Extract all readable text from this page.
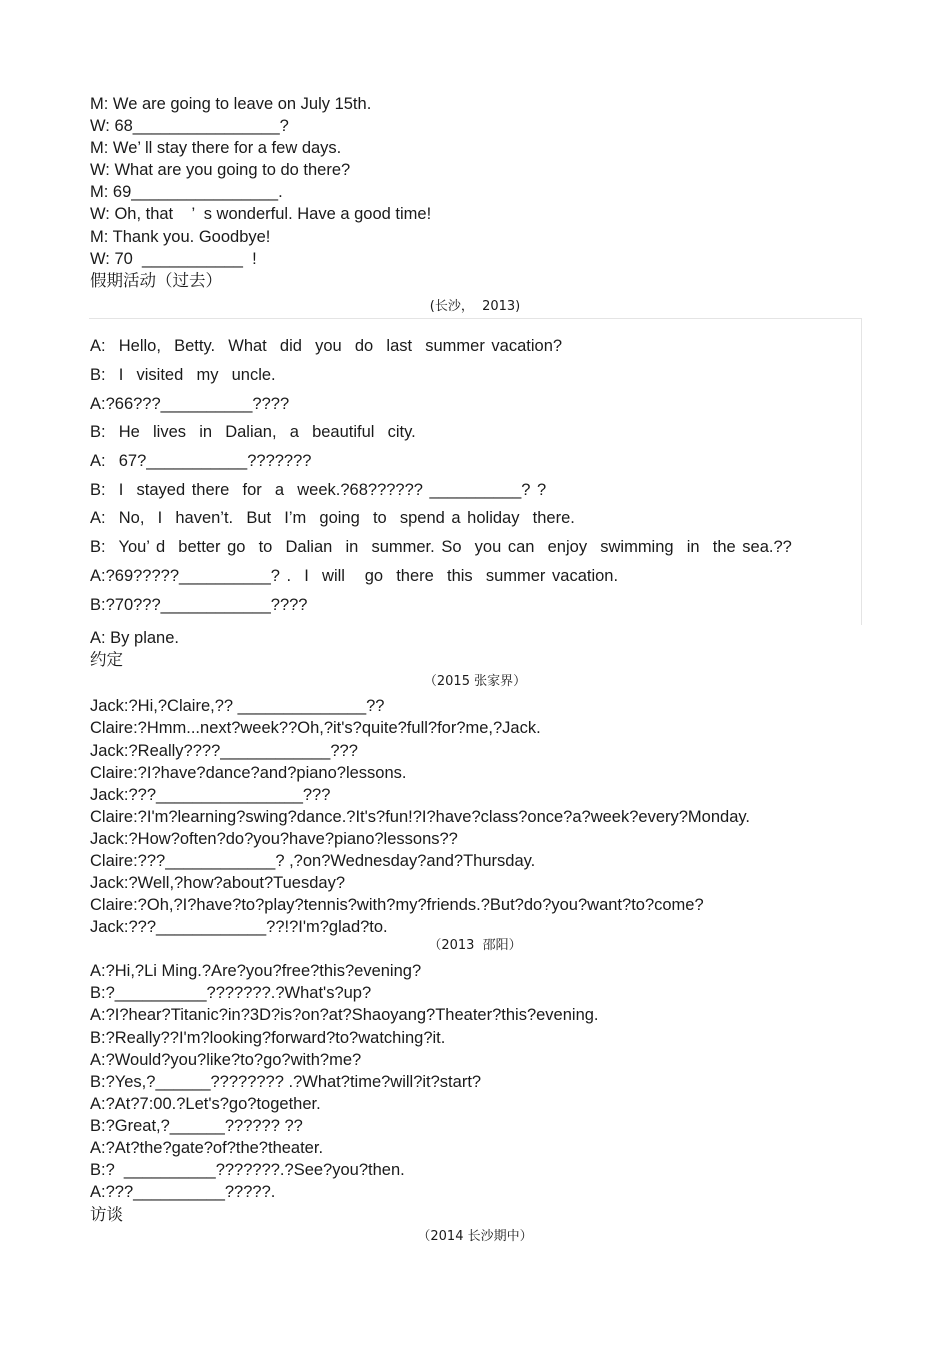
M: We are going to leave on July 15th.
W: 68________________?
M: We’ ll stay there for a few days.
W: What are you going to do there?
M: 69________________.
W: Oh, that    ’  s wonderful. Have a good time!
M: Thank you. Goodbye!
W: 70  ___________  !
假期活动（过去）
(长沙，  2013)
A:  Hello,  Betty.  What  did  you  do  last  summer vacation?
B:  I  visited  my  uncle.
A:?66???__________????
B:  He  lives  in  Dalian,  a  beautiful  city.
A:  67?___________???????
B:  I  stayed there  for  a  week.?68?????? __________? ?
A:  No,  I  haven’t.  But  I’m  going  to  spend a holiday  there.
B:  You’ d  better go  to  Dalian  in  summer. So  you can  enjoy  swimming  in  the sea.??
A:?69?????__________? .  I  will   go  there  this  summer vacation.
B:?70???____________????
A: By plane.
约定
（2015 张家界）
Jack:?Hi,?Claire,?? ______________??
Claire:?Hmm...next?week??Oh,?it's?quite?full?for?me,?Jack.
Jack:?Really????____________???
Claire:?I?have?dance?and?piano?lessons.
Jack:???________________???
Claire:?I'm?learning?swing?dance.?It's?fun!?I?have?class?once?a?week?every?Monday.
Jack:?How?often?do?you?have?piano?lessons??
Claire:???____________? ,?on?Wednesday?and?Thursday.
Jack:?Well,?how?about?Tuesday?
Claire:?Oh,?I?have?to?play?tennis?with?my?friends.?But?do?you?want?to?come?
Jack:???____________??!?I'm?glad?to.
（2013  邵阳）
A:?Hi,?Li Ming.?Are?you?free?this?evening?
B:?__________???????.?What's?up?
A:?I?hear?Titanic?in?3D?is?on?at?Shaoyang?Theater?this?evening.
B:?Really??I'm?looking?forward?to?watching?it.
A:?Would?you?like?to?go?with?me?
B:?Yes,?______???????? .?What?time?will?it?start?
A:?At?7:00.?Let's?go?together.
B:?Great,?______?????? ??
A:?At?the?gate?of?the?theater.
B:?  __________???????.?See?you?then.
A:???__________?????.
访谈
（2014 长沙期中）
